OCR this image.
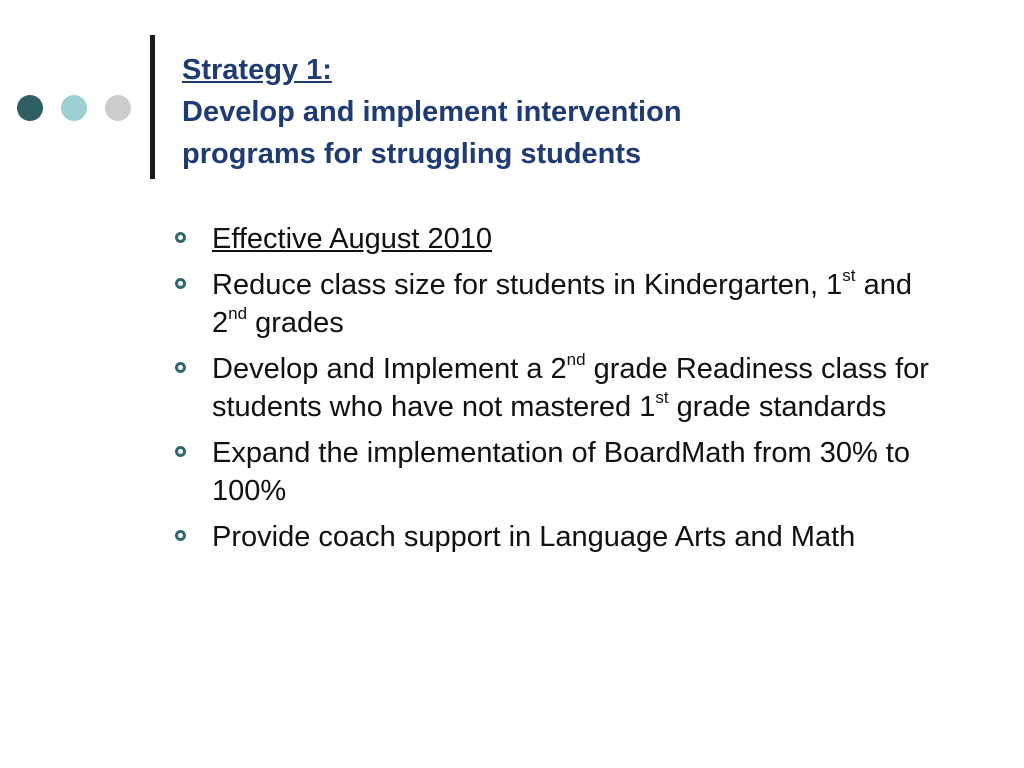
Strategy 1:
Develop and implement intervention
programs for struggling students
Effective August 2010
Reduce class size for students in Kindergarten, 1st and 2nd grades
Develop and Implement a 2nd grade Readiness class for students who have not mastered 1st grade standards
Expand the implementation of BoardMath from 30% to 100%
Provide coach support in Language Arts and Math
